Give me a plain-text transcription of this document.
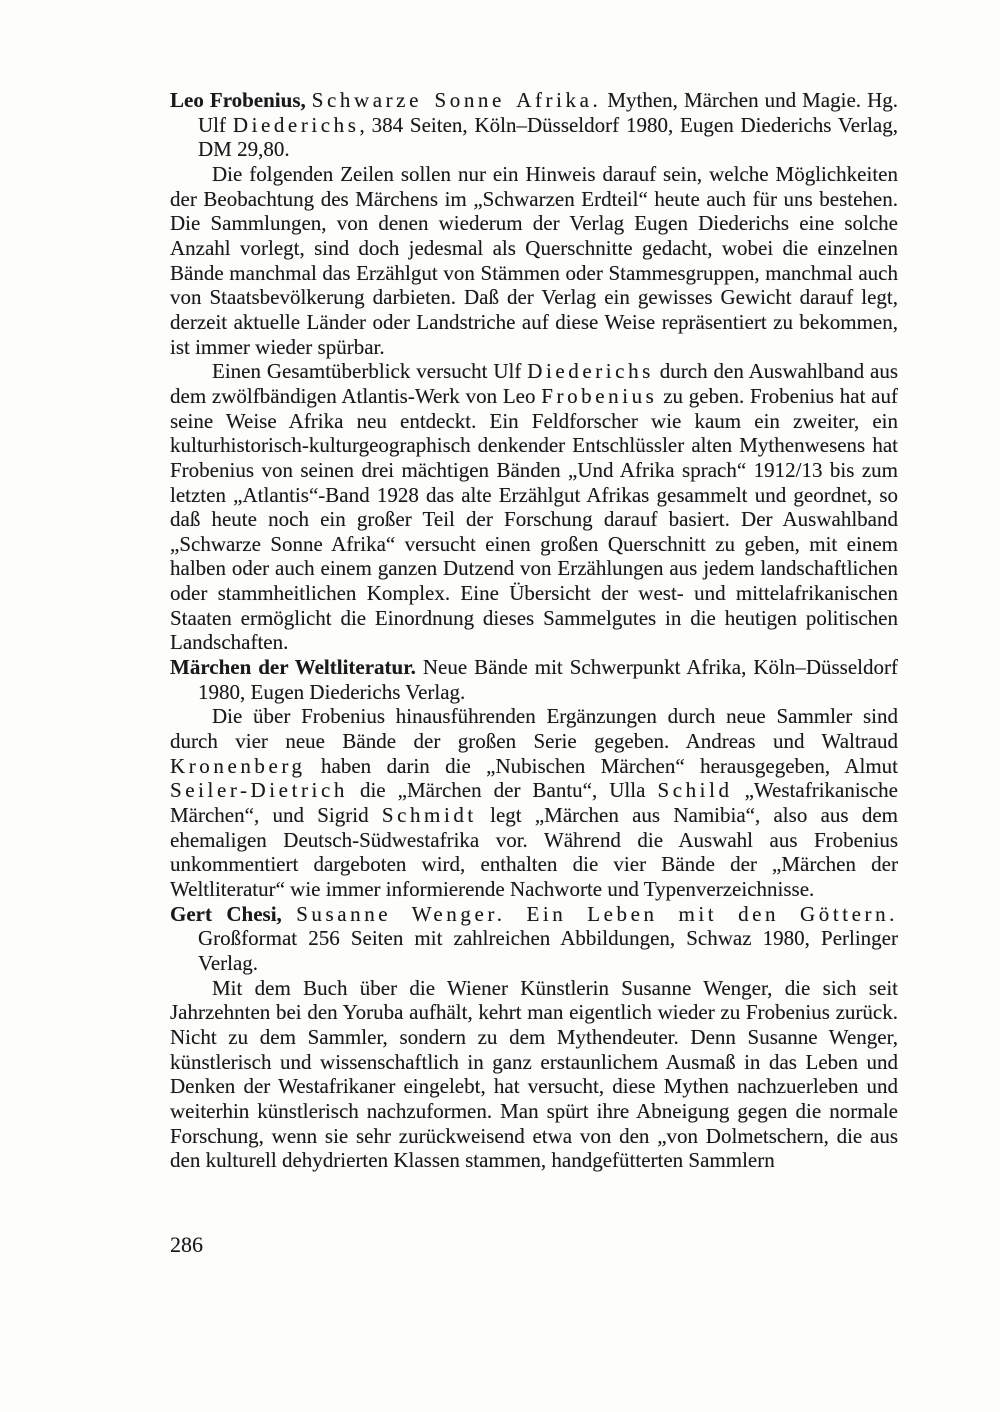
Leo Frobenius, Schwarze Sonne Afrika. Mythen, Märchen und Magie. Hg. Ulf Diederichs, 384 Seiten, Köln–Düsseldorf 1980, Eugen Diederichs Verlag, DM 29,80.

Die folgenden Zeilen sollen nur ein Hinweis darauf sein, welche Möglichkeiten der Beobachtung des Märchens im „Schwarzen Erdteil“ heute auch für uns bestehen. Die Sammlungen, von denen wiederum der Verlag Eugen Diederichs eine solche Anzahl vorlegt, sind doch jedesmal als Querschnitte gedacht, wobei die einzelnen Bände manchmal das Erzählgut von Stämmen oder Stammesgruppen, manchmal auch von Staatsbevölkerung darbieten. Daß der Verlag ein gewisses Gewicht darauf legt, derzeit aktuelle Länder oder Landstriche auf diese Weise repräsentiert zu bekommen, ist immer wieder spürbar.

Einen Gesamtüberblick versucht Ulf Diederichs durch den Auswahlband aus dem zwölfbändigen Atlantis-Werk von Leo Frobenius zu geben. Frobenius hat auf seine Weise Afrika neu entdeckt. Ein Feldforscher wie kaum ein zweiter, ein kulturhistorisch-kulturgeographisch denkender Entschlüssler alten Mythenwesens hat Frobenius von seinen drei mächtigen Bänden „Und Afrika sprach“ 1912/13 bis zum letzten „Atlantis“-Band 1928 das alte Erzählgut Afrikas gesammelt und geordnet, so daß heute noch ein großer Teil der Forschung darauf basiert. Der Auswahlband „Schwarze Sonne Afrika“ versucht einen großen Querschnitt zu geben, mit einem halben oder auch einem ganzen Dutzend von Erzählungen aus jedem landschaftlichen oder stammheitlichen Komplex. Eine Übersicht der west- und mittelafrikanischen Staaten ermöglicht die Einordnung dieses Sammelgutes in die heutigen politischen Landschaften.

Märchen der Weltliteratur. Neue Bände mit Schwerpunkt Afrika, Köln–Düsseldorf 1980, Eugen Diederichs Verlag.

Die über Frobenius hinausführenden Ergänzungen durch neue Sammler sind durch vier neue Bände der großen Serie gegeben. Andreas und Waltraud Kronenberg haben darin die „Nubischen Märchen“ herausgegeben, Almut Seiler-Dietrich die „Märchen der Bantu“, Ulla Schild „Westafrikanische Märchen“, und Sigrid Schmidt legt „Märchen aus Namibia“, also aus dem ehemaligen Deutsch-Südwestafrika vor. Während die Auswahl aus Frobenius unkommentiert dargeboten wird, enthalten die vier Bände der „Märchen der Weltliteratur“ wie immer informierende Nachworte und Typenverzeichnisse.

Gert Chesi, Susanne Wenger. Ein Leben mit den Göttern. Großformat 256 Seiten mit zahlreichen Abbildungen, Schwaz 1980, Perlinger Verlag.

Mit dem Buch über die Wiener Künstlerin Susanne Wenger, die sich seit Jahrzehnten bei den Yoruba aufhält, kehrt man eigentlich wieder zu Frobenius zurück. Nicht zu dem Sammler, sondern zu dem Mythendeuter. Denn Susanne Wenger, künstlerisch und wissenschaftlich in ganz erstaunlichem Ausmaß in das Leben und Denken der Westafrikaner eingelebt, hat versucht, diese Mythen nachzuerleben und weiterhin künstlerisch nachzuformen. Man spürt ihre Abneigung gegen die normale Forschung, wenn sie sehr zurückweisend etwa von den „von Dolmetschern, die aus den kulturell dehydrierten Klassen stammen, handgefütterten Sammlern

286
